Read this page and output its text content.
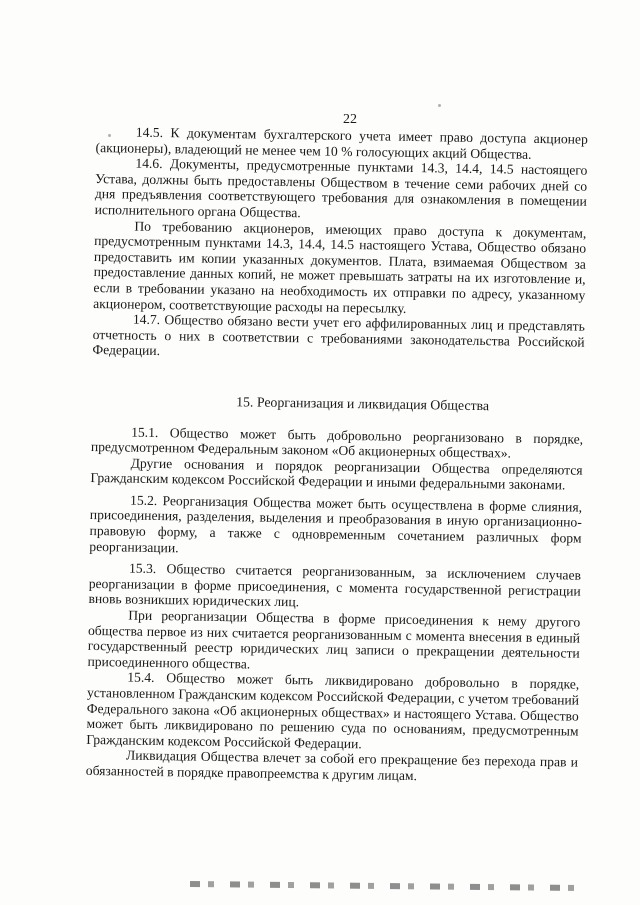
22

14.5. К документам бухгалтерского учета имеет право доступа акционер (акционеры), владеющий не менее чем 10 % голосующих акций Общества.

14.6. Документы, предусмотренные пунктами 14.3, 14.4, 14.5 настоящего Устава, должны быть предоставлены Обществом в течение семи рабочих дней со дня предъявления соответствующего требования для ознакомления в помещении исполнительного органа Общества.

По требованию акционеров, имеющих право доступа к документам, предусмотренным пунктами 14.3, 14.4, 14.5 настоящего Устава, Общество обязано предоставить им копии указанных документов. Плата, взимаемая Обществом за предоставление данных копий, не может превышать затраты на их изготовление и, если в требовании указано на необходимость их отправки по адресу, указанному акционером, соответствующие расходы на пересылку.

14.7. Общество обязано вести учет его аффилированных лиц и представлять отчетность о них в соответствии с требованиями законодательства Российской Федерации.

15. Реорганизация и ликвидация Общества

15.1. Общество может быть добровольно реорганизовано в порядке, предусмотренном Федеральным законом «Об акционерных обществах».

Другие основания и порядок реорганизации Общества определяются Гражданским кодексом Российской Федерации и иными федеральными законами.

15.2. Реорганизация Общества может быть осуществлена в форме слияния, присоединения, разделения, выделения и преобразования в иную организационно-правовую форму, а также с одновременным сочетанием различных форм реорганизации.

15.3. Общество считается реорганизованным, за исключением случаев реорганизации в форме присоединения, с момента государственной регистрации вновь возникших юридических лиц.

При реорганизации Общества в форме присоединения к нему другого общества первое из них считается реорганизованным с момента внесения в единый государственный реестр юридических лиц записи о прекращении деятельности присоединенного общества.

15.4. Общество может быть ликвидировано добровольно в порядке, установленном Гражданским кодексом Российской Федерации, с учетом требований Федерального закона «Об акционерных обществах» и настоящего Устава. Общество может быть ликвидировано по решению суда по основаниям, предусмотренным Гражданским кодексом Российской Федерации.

Ликвидация Общества влечет за собой его прекращение без перехода прав и обязанностей в порядке правопреемства к другим лицам.
